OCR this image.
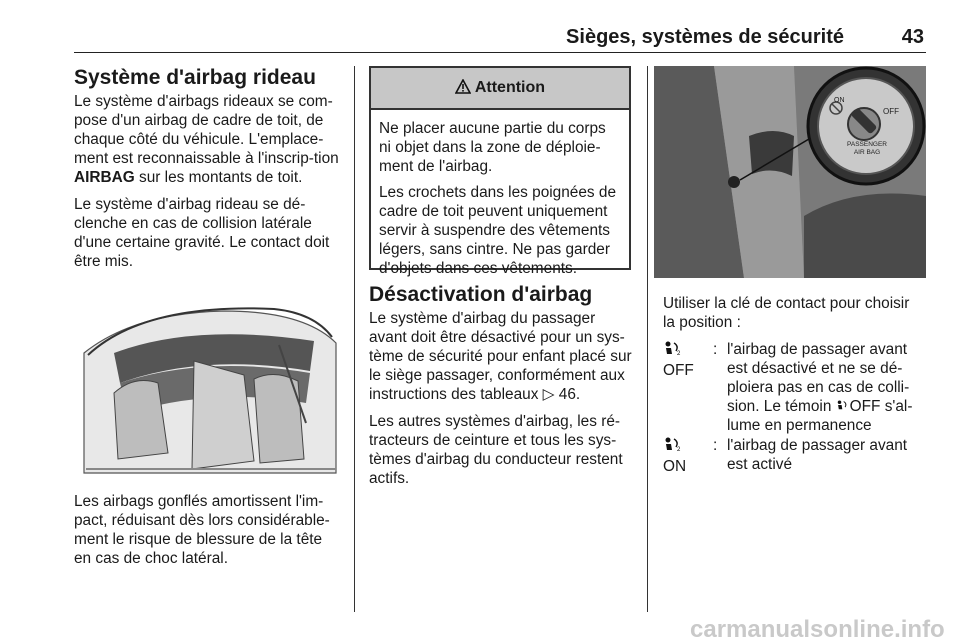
Sièges, systèmes de sécurité	43
Système d'airbag rideau

Le système d'airbags rideaux se com-pose d'un airbag de cadre de toit, de chaque côté du véhicule. L'emplace-ment est reconnaissable à l'inscrip-tion AIRBAG sur les montants de toit.

Le système d'airbag rideau se dé-clenche en cas de collision latérale d'une certaine gravité. Le contact doit être mis.

Les airbags gonflés amortissent l'im-pact, réduisant dès lors considérable-ment le risque de blessure de la tête en cas de choc latéral.

Attention

Ne placer aucune partie du corps ni objet dans la zone de déploie-ment de l'airbag.

Les crochets dans les poignées de cadre de toit peuvent uniquement servir à suspendre des vêtements légers, sans cintre. Ne pas garder d'objets dans ces vêtements.

Désactivation d'airbag

Le système d'airbag du passager avant doit être désactivé pour un sys-tème de sécurité pour enfant placé sur le siège passager, conformément aux instructions des tableaux ▷ 46.

Les autres systèmes d'airbag, les ré-tracteurs de ceinture et tous les sys-tèmes d'airbag du conducteur restent actifs.

OFF
ON
PASSENGER
AIR BAG

Utiliser la clé de contact pour choisir la position :

2

OFF
: l'airbag de passager avant est désactivé et ne se dé-ploiera pas en cas de colli-sion. Le témoin OFF s'al-lume en permanence
2

ON
: l'airbag de passager avant est activé
carmanualsonline.info
